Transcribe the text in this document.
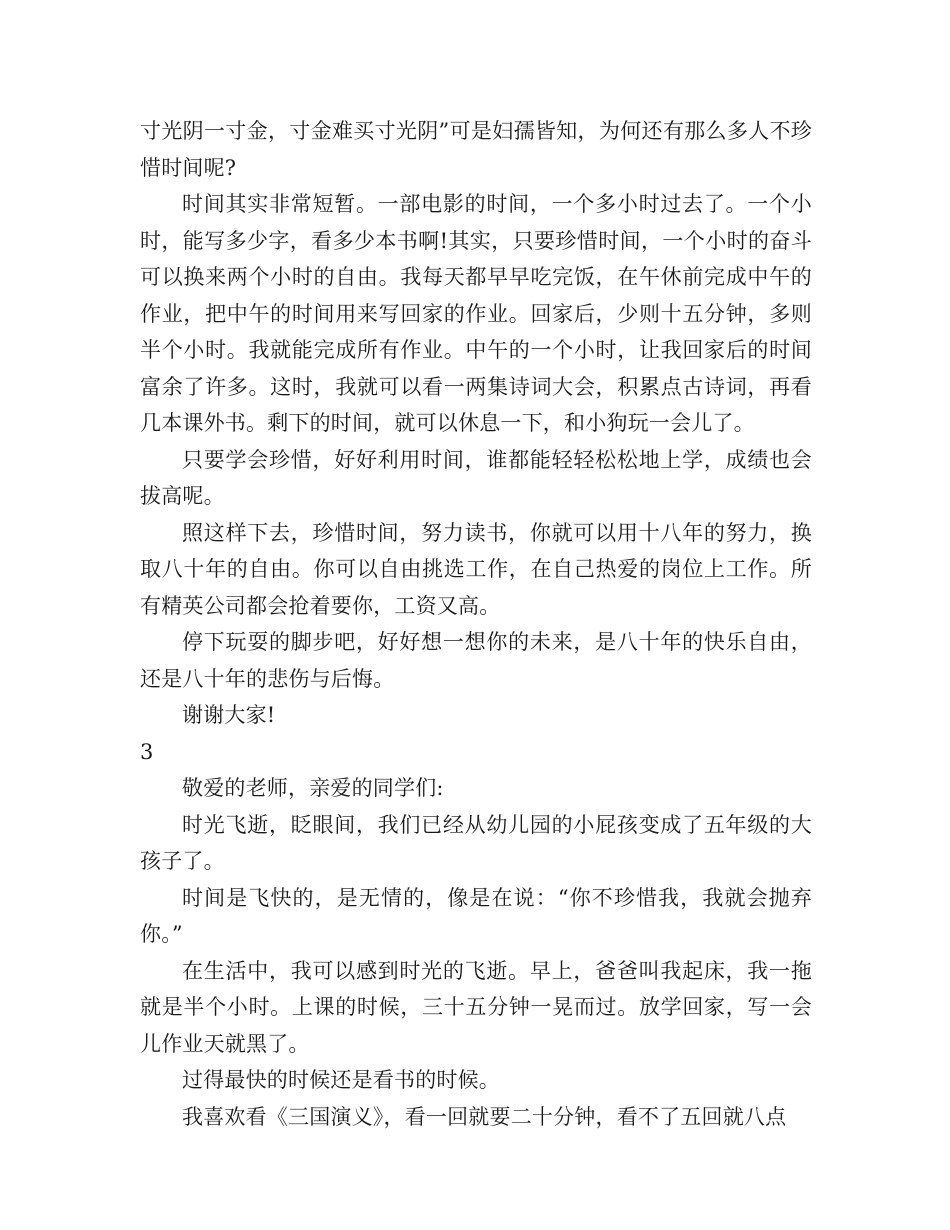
寸光阴一寸金，寸金难买寸光阴”可是妇孺皆知，为何还有那么多人不珍惜时间呢?

时间其实非常短暂。一部电影的时间，一个多小时过去了。一个小时，能写多少字，看多少本书啊!其实，只要珍惜时间，一个小时的奋斗可以换来两个小时的自由。我每天都早早吃完饭，在午休前完成中午的作业，把中午的时间用来写回家的作业。回家后，少则十五分钟，多则半个小时。我就能完成所有作业。中午的一个小时，让我回家后的时间富余了许多。这时，我就可以看一两集诗词大会，积累点古诗词，再看几本课外书。剩下的时间，就可以休息一下，和小狗玩一会儿了。

只要学会珍惜，好好利用时间，谁都能轻轻松松地上学，成绩也会拔高呢。

照这样下去，珍惜时间，努力读书，你就可以用十八年的努力，换取八十年的自由。你可以自由挑选工作，在自己热爱的岗位上工作。所有精英公司都会抢着要你，工资又高。

停下玩耍的脚步吧，好好想一想你的未来，是八十年的快乐自由，还是八十年的悲伤与后悔。

谢谢大家!

3

敬爱的老师，亲爱的同学们:

时光飞逝，眨眼间，我们已经从幼儿园的小屁孩变成了五年级的大孩子了。

时间是飞快的，是无情的，像是在说：“你不珍惜我，我就会抛弃你。”

在生活中，我可以感到时光的飞逝。早上，爸爸叫我起床，我一拖就是半个小时。上课的时候，三十五分钟一晃而过。放学回家，写一会儿作业天就黑了。

过得最快的时候还是看书的时候。

我喜欢看《三国演义》，看一回就要二十分钟，看不了五回就八点
